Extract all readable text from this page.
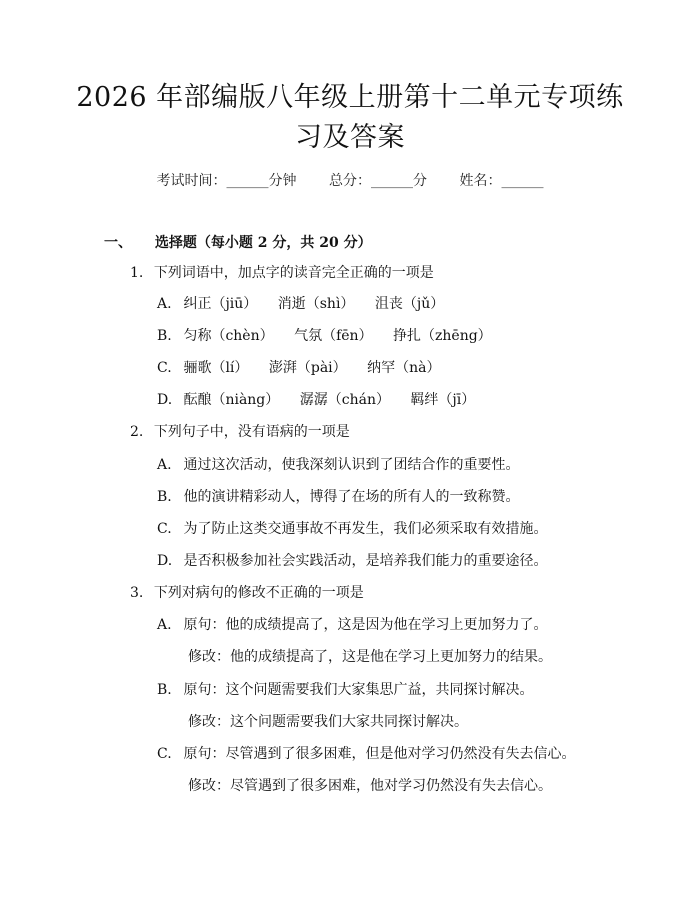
2026 年部编版八年级上册第十二单元专项练
习及答案
考试时间：______分钟 总分：______分 姓名：______
一、 选择题（每小题 2 分，共 20 分）
1. 下列词语中，加点字的读音完全正确的一项是
A. 纠正（jiū） 消逝（shì） 沮丧（jǔ）
B. 匀称（chèn） 气氛（fēn） 挣扎（zhēng）
C. 骊歌（lí） 澎湃（pài） 纳罕（nà）
D. 酝酿（niàng） 潺潺（chán） 羁绊（jī）
2. 下列句子中，没有语病的一项是
A. 通过这次活动，使我深刻认识到了团结合作的重要性。
B. 他的演讲精彩动人，博得了在场的所有人的一致称赞。
C. 为了防止这类交通事故不再发生，我们必须采取有效措施。
D. 是否积极参加社会实践活动，是培养我们能力的重要途径。
3. 下列对病句的修改不正确的一项是
A. 原句：他的成绩提高了，这是因为他在学习上更加努力了。
修改：他的成绩提高了，这是他在学习上更加努力的结果。
B. 原句：这个问题需要我们大家集思广益，共同探讨解决。
修改：这个问题需要我们大家共同探讨解决。
C. 原句：尽管遇到了很多困难，但是他对学习仍然没有失去信心。
修改：尽管遇到了很多困难，他对学习仍然没有失去信心。
